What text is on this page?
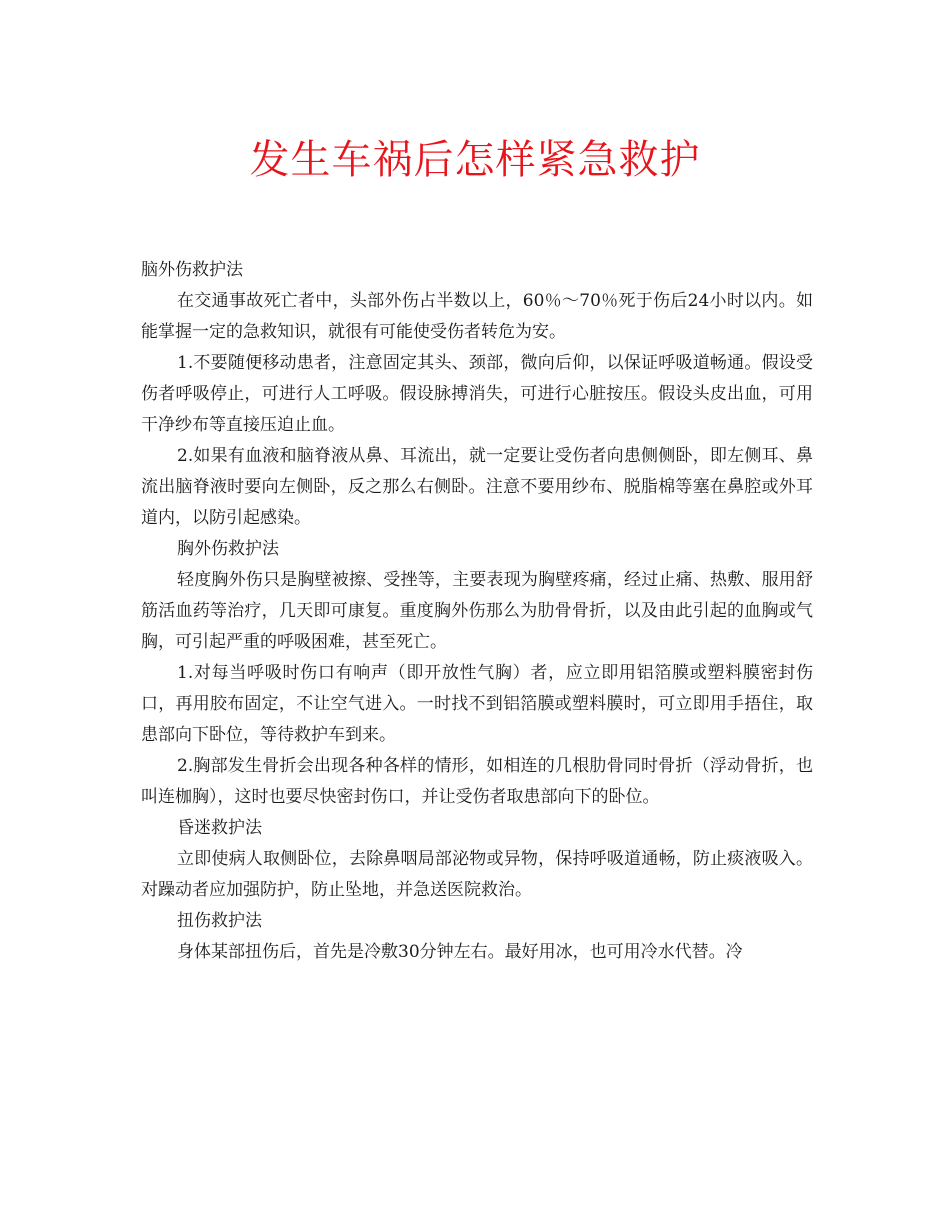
发生车祸后怎样紧急救护

脑外伤救护法

在交通事故死亡者中，头部外伤占半数以上，60％～70％死于伤后24小时以内。如能掌握一定的急救知识，就很有可能使受伤者转危为安。

1.不要随便移动患者，注意固定其头、颈部，微向后仰，以保证呼吸道畅通。假设受伤者呼吸停止，可进行人工呼吸。假设脉搏消失，可进行心脏按压。假设头皮出血，可用干净纱布等直接压迫止血。

2.如果有血液和脑脊液从鼻、耳流出，就一定要让受伤者向患侧侧卧，即左侧耳、鼻流出脑脊液时要向左侧卧，反之那么右侧卧。注意不要用纱布、脱脂棉等塞在鼻腔或外耳道内，以防引起感染。

胸外伤救护法

轻度胸外伤只是胸壁被擦、受挫等，主要表现为胸壁疼痛，经过止痛、热敷、服用舒筋活血药等治疗，几天即可康复。重度胸外伤那么为肋骨骨折，以及由此引起的血胸或气胸，可引起严重的呼吸困难，甚至死亡。

1.对每当呼吸时伤口有响声（即开放性气胸）者，应立即用铝箔膜或塑料膜密封伤口，再用胶布固定，不让空气进入。一时找不到铝箔膜或塑料膜时，可立即用手捂住，取患部向下卧位，等待救护车到来。

2.胸部发生骨折会出现各种各样的情形，如相连的几根肋骨同时骨折（浮动骨折，也叫连枷胸），这时也要尽快密封伤口，并让受伤者取患部向下的卧位。

昏迷救护法

立即使病人取侧卧位，去除鼻咽局部泌物或异物，保持呼吸道通畅，防止痰液吸入。对躁动者应加强防护，防止坠地，并急送医院救治。

扭伤救护法

身体某部扭伤后，首先是冷敷30分钟左右。最好用冰，也可用冷水代替。冷
